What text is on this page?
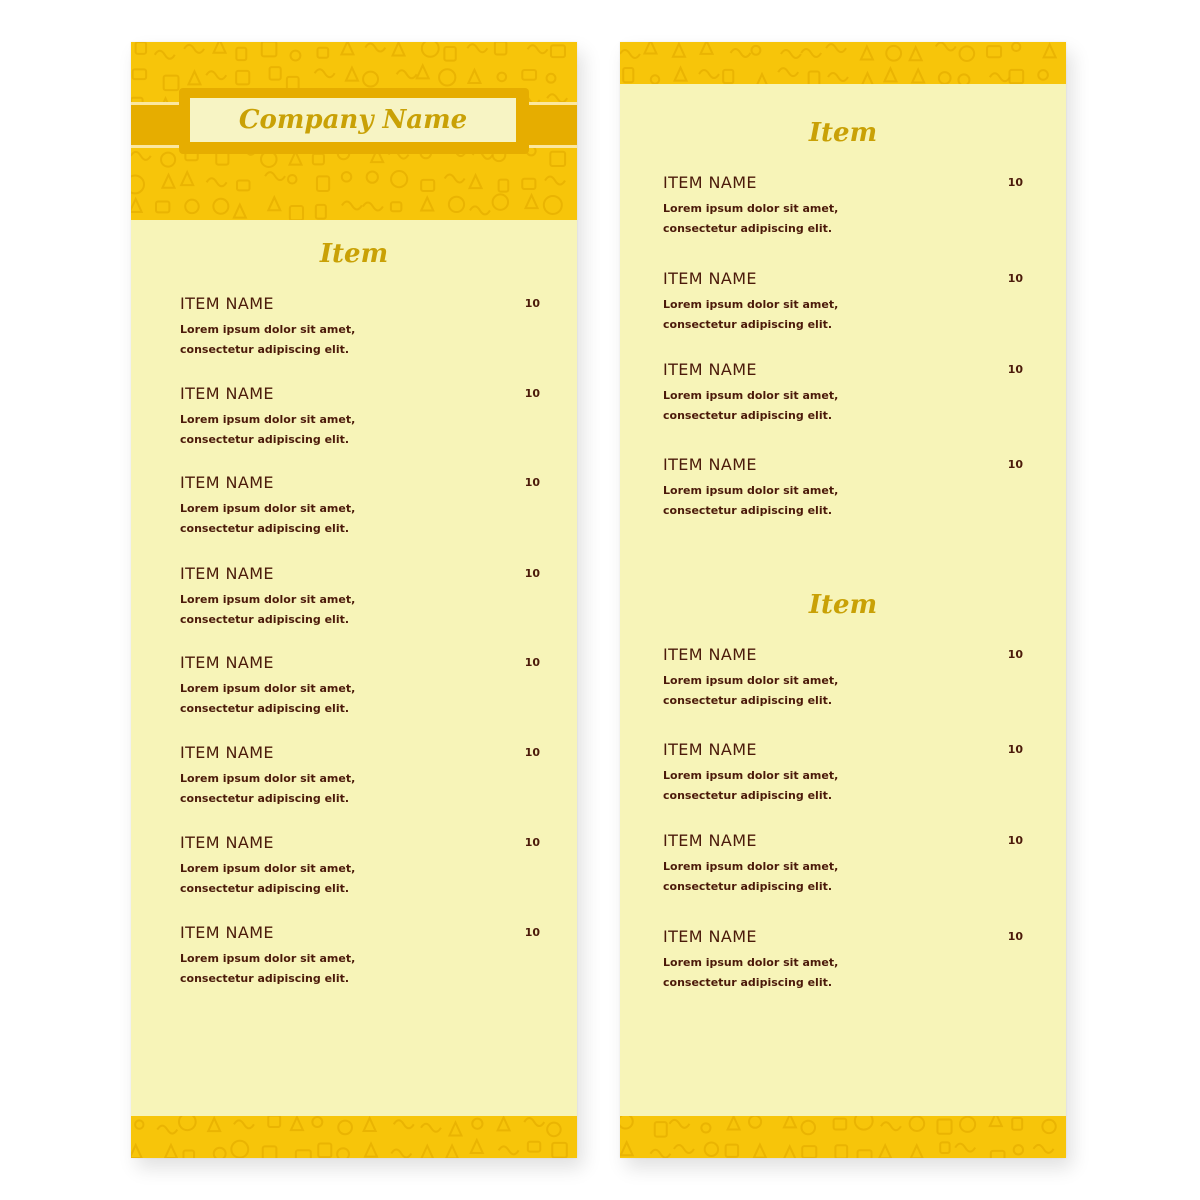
Company Name
Item
ITEM NAME	10
Lorem ipsum dolor sit amet, consectetur adipiscing elit.
ITEM NAME	10
Lorem ipsum dolor sit amet, consectetur adipiscing elit.
ITEM NAME	10
Lorem ipsum dolor sit amet, consectetur adipiscing elit.
ITEM NAME	10
Lorem ipsum dolor sit amet, consectetur adipiscing elit.
ITEM NAME	10
Lorem ipsum dolor sit amet, consectetur adipiscing elit.
ITEM NAME	10
Lorem ipsum dolor sit amet, consectetur adipiscing elit.
ITEM NAME	10
Lorem ipsum dolor sit amet, consectetur adipiscing elit.
ITEM NAME	10
Lorem ipsum dolor sit amet, consectetur adipiscing elit.
Item
ITEM NAME	10
Lorem ipsum dolor sit amet, consectetur adipiscing elit.
ITEM NAME	10
Lorem ipsum dolor sit amet, consectetur adipiscing elit.
ITEM NAME	10
Lorem ipsum dolor sit amet, consectetur adipiscing elit.
ITEM NAME	10
Lorem ipsum dolor sit amet, consectetur adipiscing elit.
Item
ITEM NAME	10
Lorem ipsum dolor sit amet, consectetur adipiscing elit.
ITEM NAME	10
Lorem ipsum dolor sit amet, consectetur adipiscing elit.
ITEM NAME	10
Lorem ipsum dolor sit amet, consectetur adipiscing elit.
ITEM NAME	10
Lorem ipsum dolor sit amet, consectetur adipiscing elit.
